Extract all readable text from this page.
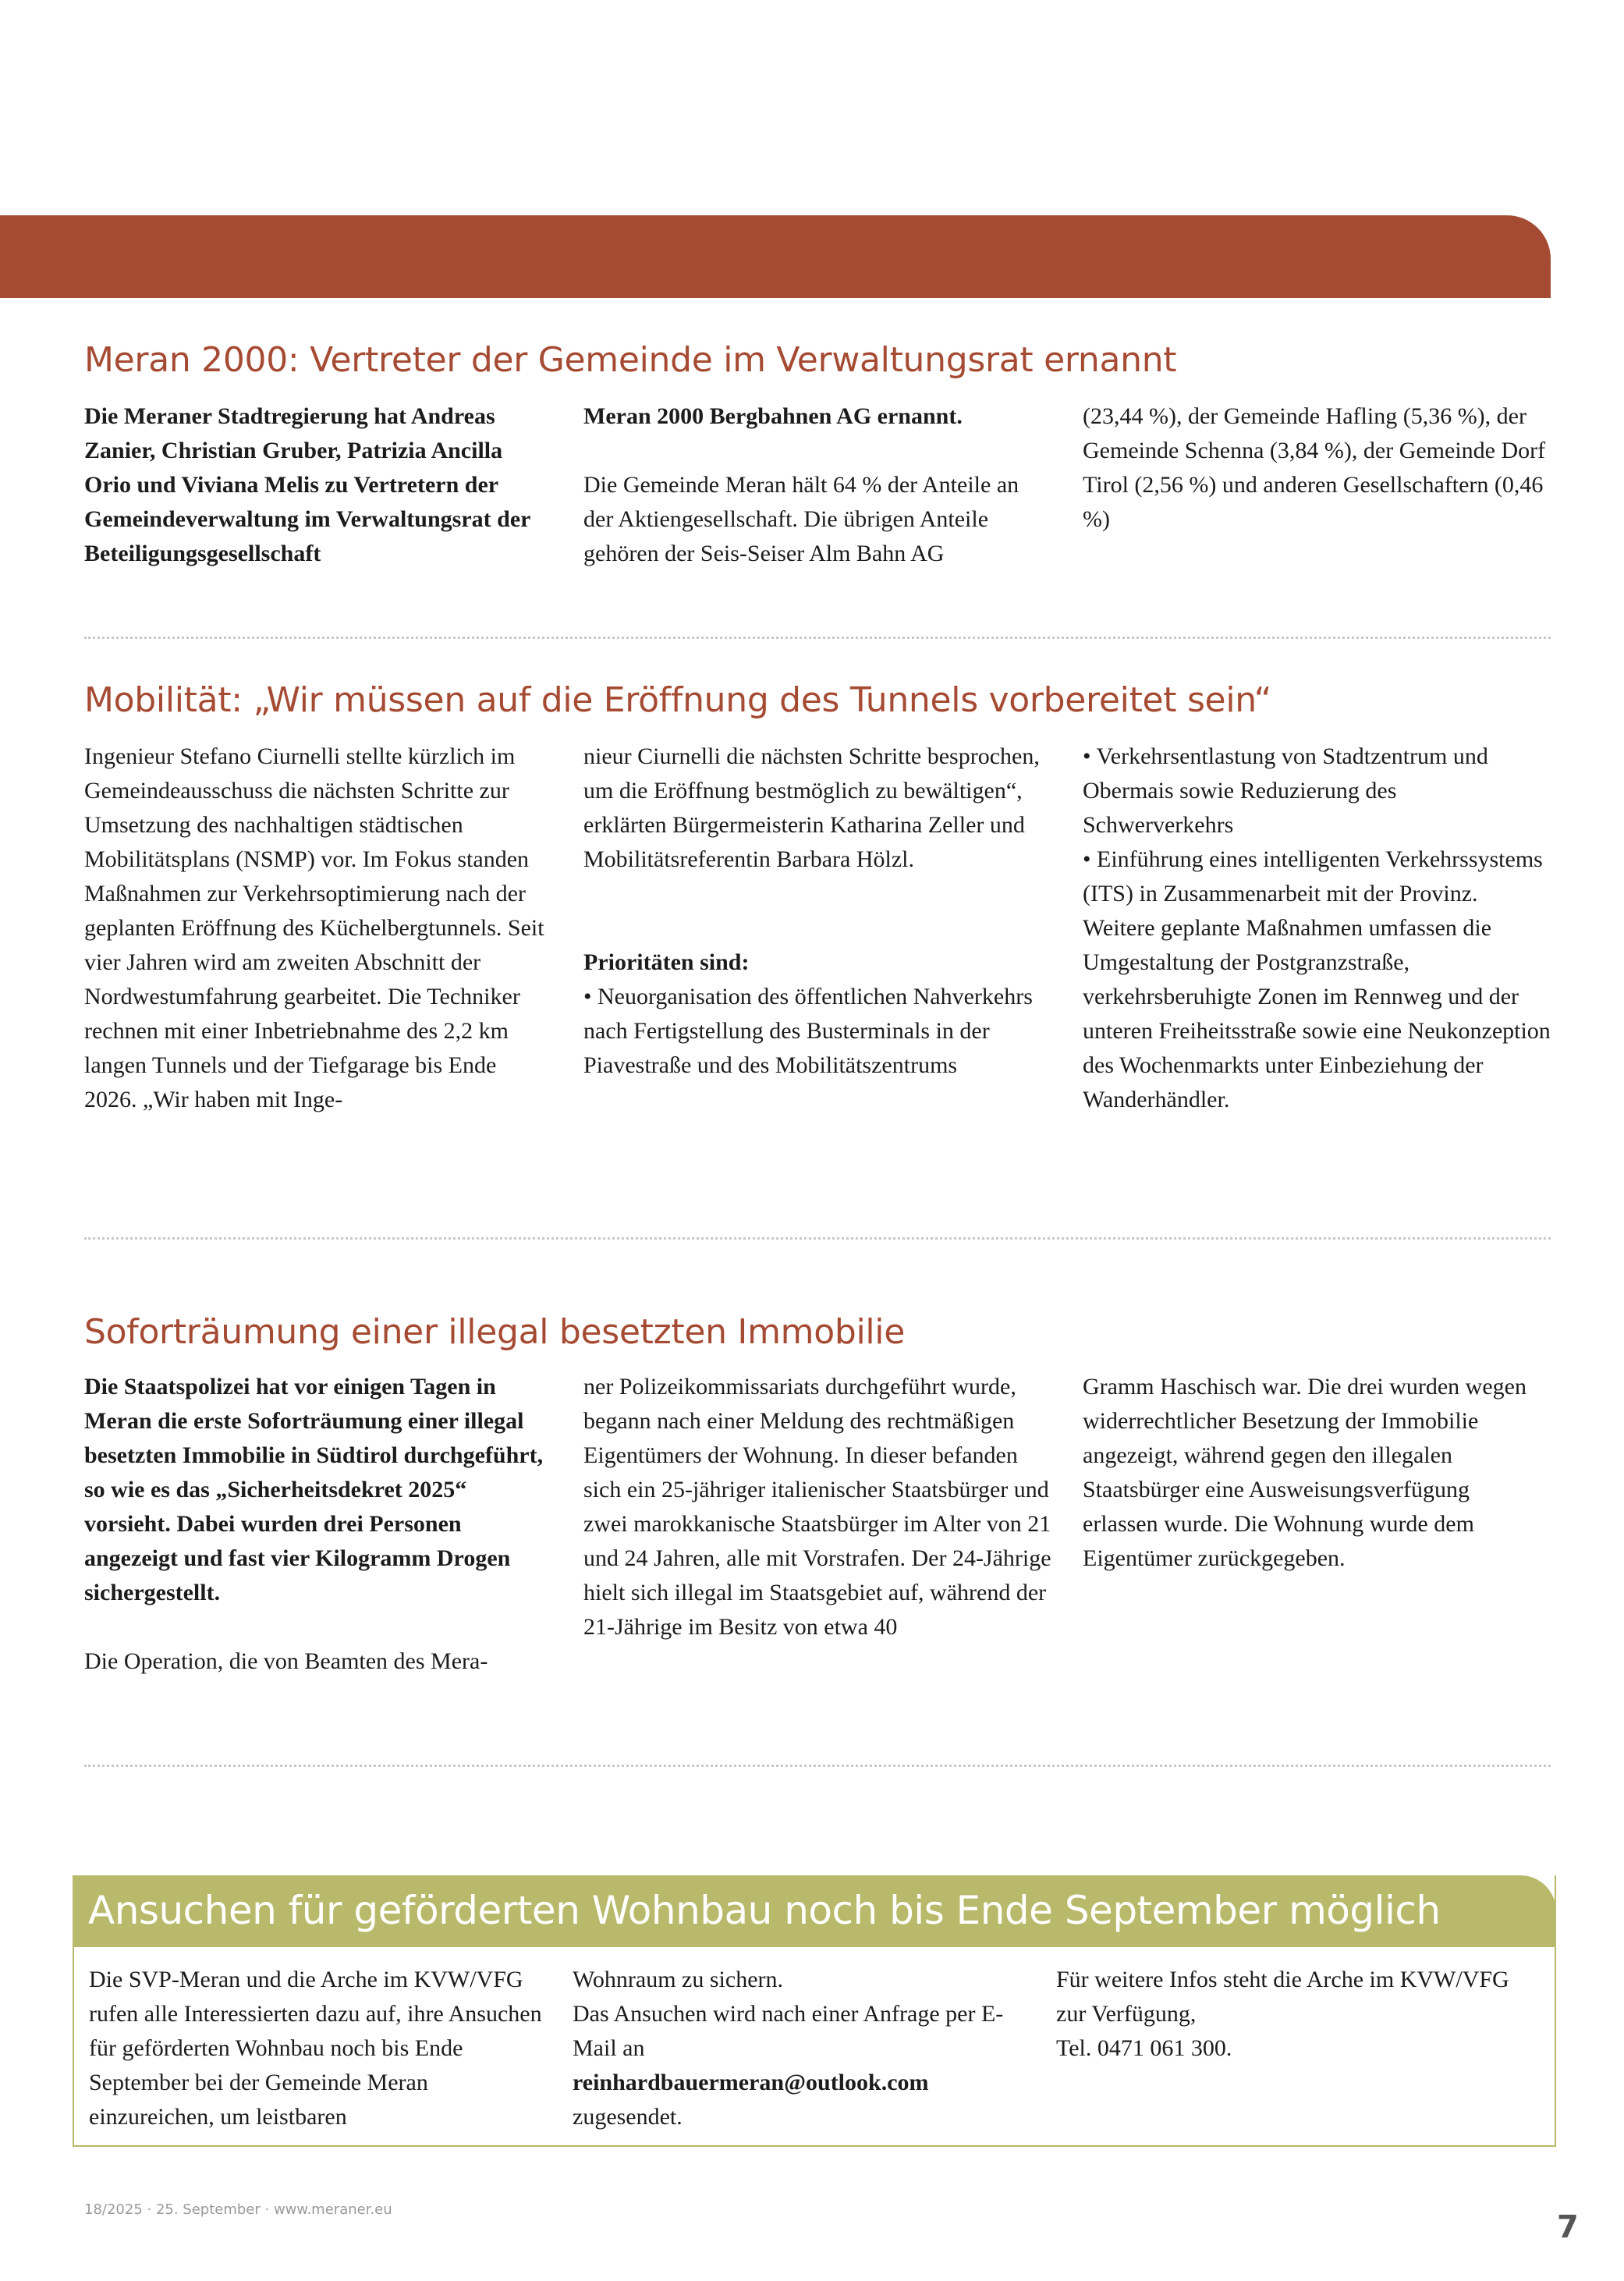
Meran 2000: Vertreter der Gemeinde im Verwaltungsrat ernannt

Die Meraner Stadtregierung hat Andreas Zanier, Christian Gruber, Patrizia Ancilla Orio und Viviana Melis zu Vertretern der Gemeindeverwaltung im Verwaltungsrat der Beteiligungsgesellschaft

Meran 2000 Bergbahnen AG ernannt.

Die Gemeinde Meran hält 64 % der Anteile an der Aktiengesellschaft. Die übrigen Anteile gehören der Seis-Seiser Alm Bahn AG

(23,44 %), der Gemeinde Hafling (5,36 %), der Gemeinde Schenna (3,84 %), der Gemeinde Dorf Tirol (2,56 %) und anderen Gesellschaftern (0,46 %)

Mobilität: „Wir müssen auf die Eröffnung des Tunnels vorbereitet sein“

Ingenieur Stefano Ciurnelli stellte kürzlich im Gemeindeausschuss die nächsten Schritte zur Umsetzung des nachhaltigen städtischen Mobilitätsplans (NSMP) vor. Im Fokus standen Maßnahmen zur Verkehrsoptimierung nach der geplanten Eröffnung des Küchelbergtunnels. Seit vier Jahren wird am zweiten Abschnitt der Nordwestumfahrung gearbeitet. Die Techniker rechnen mit einer Inbetriebnahme des 2,2 km langen Tunnels und der Tiefgarage bis Ende 2026. „Wir haben mit Inge-

nieur Ciurnelli die nächsten Schritte besprochen, um die Eröffnung bestmöglich zu bewältigen“, erklärten Bürgermeisterin Katharina Zeller und Mobilitätsreferentin Barbara Hölzl.

Prioritäten sind:

• Neuorganisation des öffentlichen Nahverkehrs nach Fertigstellung des Busterminals in der Piavestraße und des Mobilitätszentrums

• Verkehrsentlastung von Stadtzentrum und Obermais sowie Reduzierung des Schwerverkehrs

• Einführung eines intelligenten Verkehrssystems (ITS) in Zusammenarbeit mit der Provinz.

Weitere geplante Maßnahmen umfassen die Umgestaltung der Postgranzstraße, verkehrsberuhigte Zonen im Rennweg und der unteren Freiheitsstraße sowie eine Neukonzeption des Wochenmarkts unter Einbeziehung der Wanderhändler.

Soforträumung einer illegal besetzten Immobilie

Die Staatspolizei hat vor einigen Tagen in Meran die erste Soforträumung einer illegal besetzten Immobilie in Südtirol durchgeführt, so wie es das „Sicherheitsdekret 2025“ vorsieht. Dabei wurden drei Personen angezeigt und fast vier Kilogramm Drogen sichergestellt.

Die Operation, die von Beamten des Mera-

ner Polizeikommissariats durchgeführt wurde, begann nach einer Meldung des rechtmäßigen Eigentümers der Wohnung. In dieser befanden sich ein 25-jähriger italienischer Staatsbürger und zwei marokkanische Staatsbürger im Alter von 21 und 24 Jahren, alle mit Vorstrafen. Der 24-Jährige hielt sich illegal im Staatsgebiet auf, während der 21-Jährige im Besitz von etwa 40

Gramm Haschisch war. Die drei wurden wegen widerrechtlicher Besetzung der Immobilie angezeigt, während gegen den illegalen Staatsbürger eine Ausweisungsverfügung erlassen wurde. Die Wohnung wurde dem Eigentümer zurückgegeben.

Ansuchen für geförderten Wohnbau noch bis Ende September möglich

Die SVP-Meran und die Arche im KVW/VFG rufen alle Interessierten dazu auf, ihre Ansuchen für geförderten Wohnbau noch bis Ende September bei der Gemeinde Meran einzureichen, um leistbaren

Wohnraum zu sichern.

Das Ansuchen wird nach einer Anfrage per E-Mail an

reinhardbauermeran@outlook.com

zugesendet.

Für weitere Infos steht die Arche im KVW/VFG zur Verfügung,

Tel. 0471 061 300.

18/2025 · 25. September · www.meraner.eu	7
